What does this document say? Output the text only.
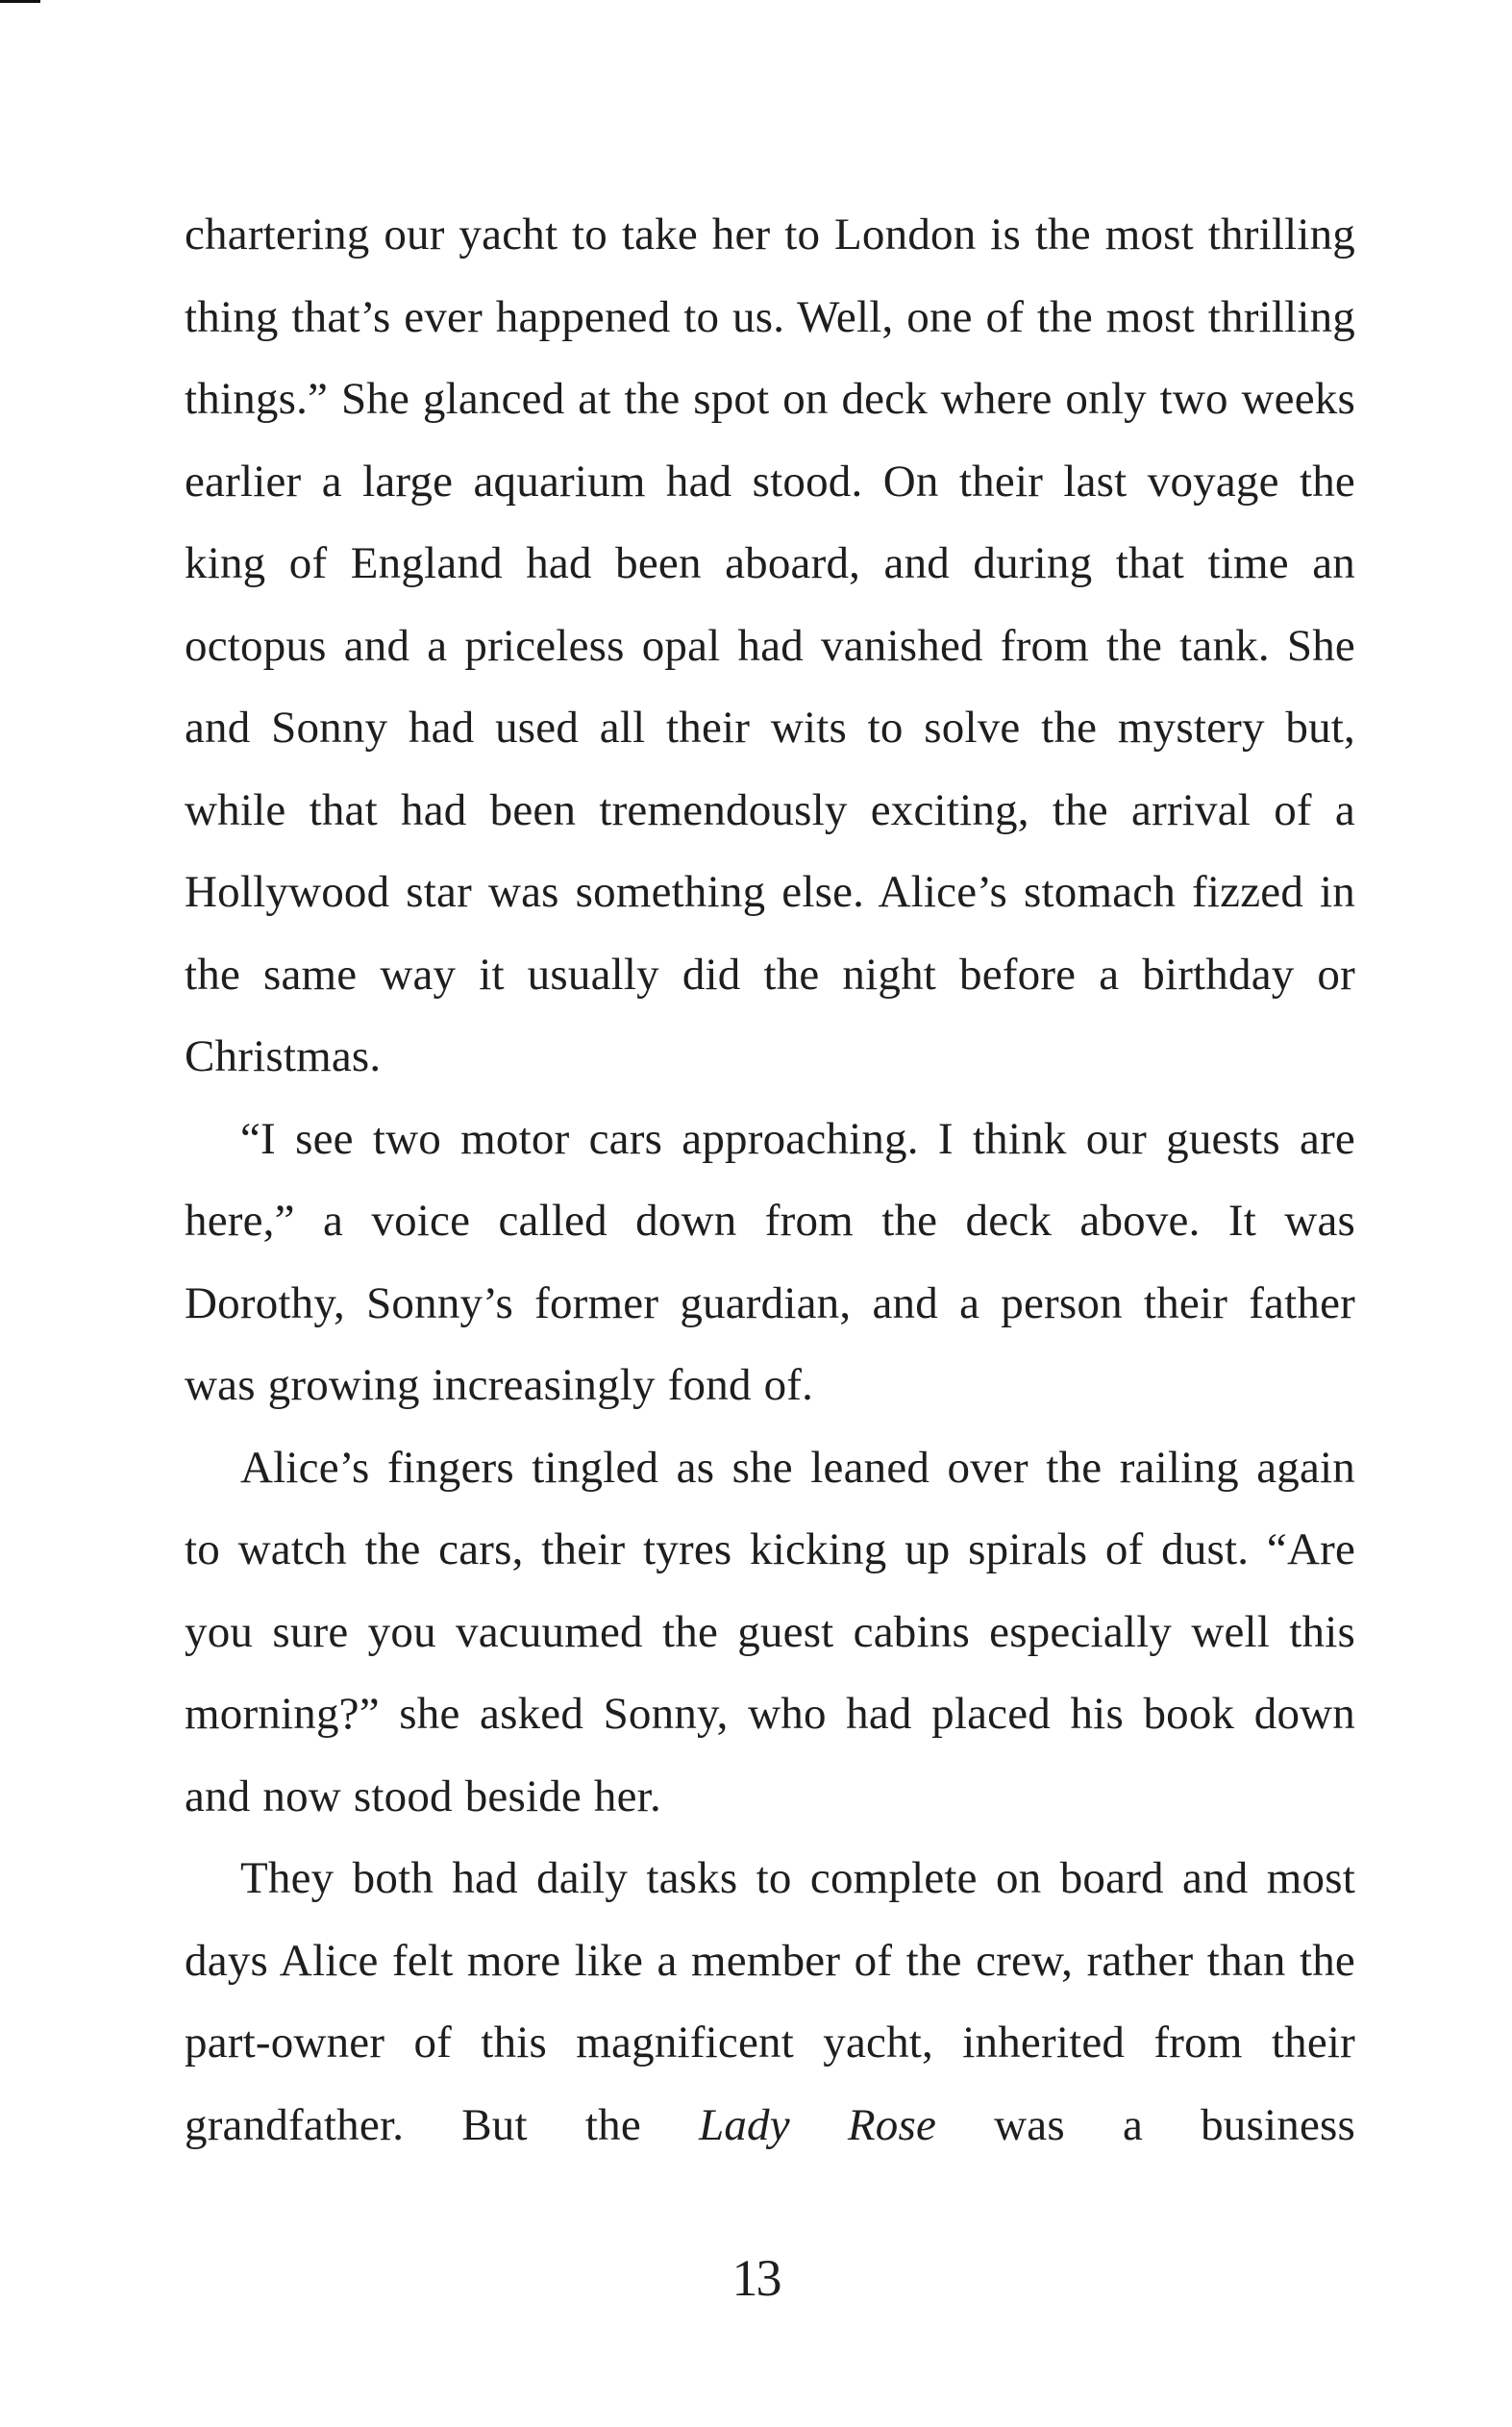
chartering our yacht to take her to London is the most thrilling thing that’s ever happened to us. Well, one of the most thrilling things.” She glanced at the spot on deck where only two weeks earlier a large aquarium had stood. On their last voyage the king of England had been aboard, and during that time an octopus and a priceless opal had vanished from the tank. She and Sonny had used all their wits to solve the mystery but, while that had been tremendously exciting, the arrival of a Hollywood star was something else. Alice’s stomach fizzed in the same way it usually did the night before a birthday or Christmas.

“I see two motor cars approaching. I think our guests are here,” a voice called down from the deck above. It was Dorothy, Sonny’s former guardian, and a person their father was growing increasingly fond of.

Alice’s fingers tingled as she leaned over the railing again to watch the cars, their tyres kicking up spirals of dust. “Are you sure you vacuumed the guest cabins especially well this morning?” she asked Sonny, who had placed his book down and now stood beside her.

They both had daily tasks to complete on board and most days Alice felt more like a member of the crew, rather than the part-owner of this magnificent yacht, inherited from their grandfather. But the Lady Rose was a business

13
